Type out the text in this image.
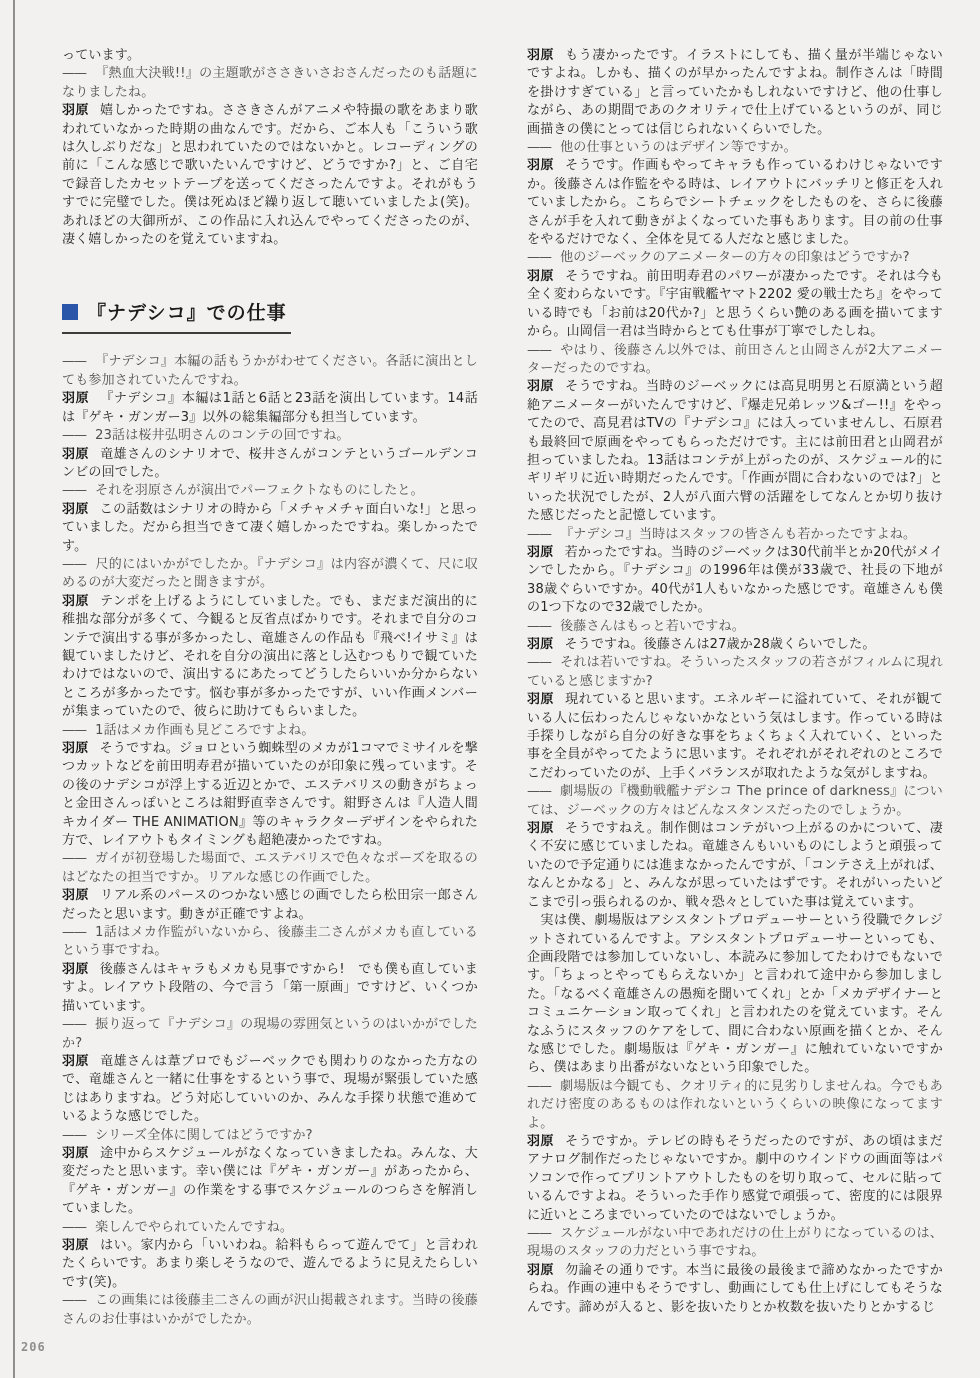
っています。

—— 『熱血大決戦!!』の主題歌がささきいさおさんだったのも話題になりましたね。

羽原 嬉しかったですね。ささきさんがアニメや特撮の歌をあまり歌われていなかった時期の曲なんです。だから、ご本人も「こういう歌は久しぶりだな」と思われていたのではないかと。レコーディングの前に「こんな感じで歌いたいんですけど、どうですか?」と、ご自宅で録音したカセットテープを送ってくださったんですよ。それがもうすでに完璧でした。僕は死ぬほど繰り返して聴いていましたよ(笑)。あれほどの大御所が、この作品に入れ込んでやってくださったのが、凄く嬉しかったのを覚えていますね。

『ナデシコ』での仕事

—— 『ナデシコ』本編の話もうかがわせてください。各話に演出としても参加されていたんですね。

羽原 『ナデシコ』本編は1話と6話と23話を演出しています。14話は『ゲキ・ガンガー3』以外の総集編部分も担当しています。

—— 23話は桜井弘明さんのコンテの回ですね。

羽原 竜雄さんのシナリオで、桜井さんがコンテというゴールデンコンビの回でした。

—— それを羽原さんが演出でパーフェクトなものにしたと。

羽原 この話数はシナリオの時から「メチャメチャ面白いな!」と思っていました。だから担当できて凄く嬉しかったですね。楽しかったです。

—— 尺的にはいかがでしたか。『ナデシコ』は内容が濃くて、尺に収めるのが大変だったと聞きますが。

羽原 テンポを上げるようにしていました。でも、まだまだ演出的に稚拙な部分が多くて、今観ると反省点ばかりです。それまで自分のコンテで演出する事が多かったし、竜雄さんの作品も『飛べ!イサミ』は観ていましたけど、それを自分の演出に落とし込むつもりで観ていたわけではないので、演出するにあたってどうしたらいいか分からないところが多かったです。悩む事が多かったですが、いい作画メンバーが集まっていたので、彼らに助けてもらいました。

—— 1話はメカ作画も見どころですよね。

羽原 そうですね。ジョロという蜘蛛型のメカが1コマでミサイルを撃つカットなどを前田明寿君が描いていたのが印象に残っています。その後のナデシコが浮上する近辺とかで、エステバリスの動きがちょっと金田さんっぽいところは紺野直幸さんです。紺野さんは『人造人間キカイダー THE ANIMATION』等のキャラクターデザインをやられた方で、レイアウトもタイミングも超絶凄かったですね。

—— ガイが初登場した場面で、エステバリスで色々なポーズを取るのはどなたの担当ですか。リアルな感じの作画でした。

羽原 リアル系のパースのつかない感じの画でしたら松田宗一郎さんだったと思います。動きが正確ですよね。

—— 1話はメカ作監がいないから、後藤圭二さんがメカも直しているという事ですね。

羽原 後藤さんはキャラもメカも見事ですから!　でも僕も直していますよ。レイアウト段階の、今で言う「第一原画」ですけど、いくつか描いています。

—— 振り返って『ナデシコ』の現場の雰囲気というのはいかがでしたか?

羽原 竜雄さんは葦プロでもジーベックでも関わりのなかった方なので、竜雄さんと一緒に仕事をするという事で、現場が緊張していた感じはありますね。どう対応していいのか、みんな手探り状態で進めているような感じでした。

—— シリーズ全体に関してはどうですか?

羽原 途中からスケジュールがなくなっていきましたね。みんな、大変だったと思います。幸い僕には『ゲキ・ガンガー』があったから、『ゲキ・ガンガー』の作業をする事でスケジュールのつらさを解消していました。

—— 楽しんでやられていたんですね。

羽原 はい。家内から「いいわね。給料もらって遊んでて」と言われたくらいです。あまり楽しそうなので、遊んでるように見えたらしいです(笑)。

—— この画集には後藤圭二さんの画が沢山掲載されます。当時の後藤さんのお仕事はいかがでしたか。

羽原 もう凄かったです。イラストにしても、描く量が半端じゃないですよね。しかも、描くのが早かったんですよね。制作さんは「時間を掛けすぎている」と言っていたかもしれないですけど、他の仕事しながら、あの期間であのクオリティで仕上げているというのが、同じ画描きの僕にとっては信じられないくらいでした。

—— 他の仕事というのはデザイン等ですか。

羽原 そうです。作画もやってキャラも作っているわけじゃないですか。後藤さんは作監をやる時は、レイアウトにバッチリと修正を入れていましたから。こちらでシートチェックをしたものを、さらに後藤さんが手を入れて動きがよくなっていた事もあります。目の前の仕事をやるだけでなく、全体を見てる人だなと感じました。

—— 他のジーベックのアニメーターの方々の印象はどうですか?

羽原 そうですね。前田明寿君のパワーが凄かったです。それは今も全く変わらないです。『宇宙戦艦ヤマト2202 愛の戦士たち』をやっている時でも「お前は20代か?」と思うくらい艶のある画を描いてますから。山岡信一君は当時からとても仕事が丁寧でしたしね。

—— やはり、後藤さん以外では、前田さんと山岡さんが2大アニメーターだったのですね。

羽原 そうですね。当時のジーベックには高見明男と石原満という超絶アニメーターがいたんですけど、『爆走兄弟レッツ&ゴー!!』をやってたので、高見君はTVの『ナデシコ』には入っていませんし、石原君も最終回で原画をやってもらっただけです。主には前田君と山岡君が担っていましたね。13話はコンテが上がったのが、スケジュール的にギリギリに近い時期だったんです。「作画が間に合わないのでは?」といった状況でしたが、2人が八面六臂の活躍をしてなんとか切り抜けた感じだったと記憶しています。

—— 『ナデシコ』当時はスタッフの皆さんも若かったですよね。

羽原 若かったですね。当時のジーベックは30代前半とか20代がメインでしたから。『ナデシコ』の1996年は僕が33歳で、社長の下地が38歳ぐらいですか。40代が1人もいなかった感じです。竜雄さんも僕の1つ下なので32歳でしたか。

—— 後藤さんはもっと若いですね。

羽原 そうですね。後藤さんは27歳か28歳くらいでした。

—— それは若いですね。そういったスタッフの若さがフィルムに現れていると感じますか?

羽原 現れていると思います。エネルギーに溢れていて、それが観ている人に伝わったんじゃないかなという気はします。作っている時は手探りしながら自分の好きな事をちょくちょく入れていく、といった事を全員がやってたように思います。それぞれがそれぞれのところでこだわっていたのが、上手くバランスが取れたような気がしますね。

—— 劇場版の『機動戦艦ナデシコ The prince of darkness』については、ジーベックの方々はどんなスタンスだったのでしょうか。

羽原 そうですねえ。制作側はコンテがいつ上がるのかについて、凄く不安に感じていましたね。竜雄さんもいいものにしようと頑張っていたので予定通りには進まなかったんですが、「コンテさえ上がれば、なんとかなる」と、みんなが思っていたはずです。それがいったいどこまで引っ張られるのか、戦々恐々としていた事は覚えています。

　実は僕、劇場版はアシスタントプロデューサーという役職でクレジットされているんですよ。アシスタントプロデューサーといっても、企画段階では参加していないし、本読みに参加してたわけでもないです。「ちょっとやってもらえないか」と言われて途中から参加しました。「なるべく竜雄さんの愚痴を聞いてくれ」とか「メカデザイナーとコミュニケーション取ってくれ」と言われたのを覚えています。そんなふうにスタッフのケアをして、間に合わない原画を描くとか、そんな感じでした。劇場版は『ゲキ・ガンガー』に触れていないですから、僕はあまり出番がないなという印象でした。

—— 劇場版は今観ても、クオリティ的に見劣りしませんね。今でもあれだけ密度のあるものは作れないというくらいの映像になってますよ。

羽原 そうですか。テレビの時もそうだったのですが、あの頃はまだアナログ制作だったじゃないですか。劇中のウインドウの画面等はパソコンで作ってプリントアウトしたものを切り取って、セルに貼っているんですよね。そういった手作り感覚で頑張って、密度的には限界に近いところまでいっていたのではないでしょうか。

—— スケジュールがない中であれだけの仕上がりになっているのは、現場のスタッフの力だという事ですね。

羽原 勿論その通りです。本当に最後の最後まで諦めなかったですからね。作画の連中もそうですし、動画にしても仕上げにしてもそうなんです。諦めが入ると、影を抜いたりとか枚数を抜いたりとかするじ

206
